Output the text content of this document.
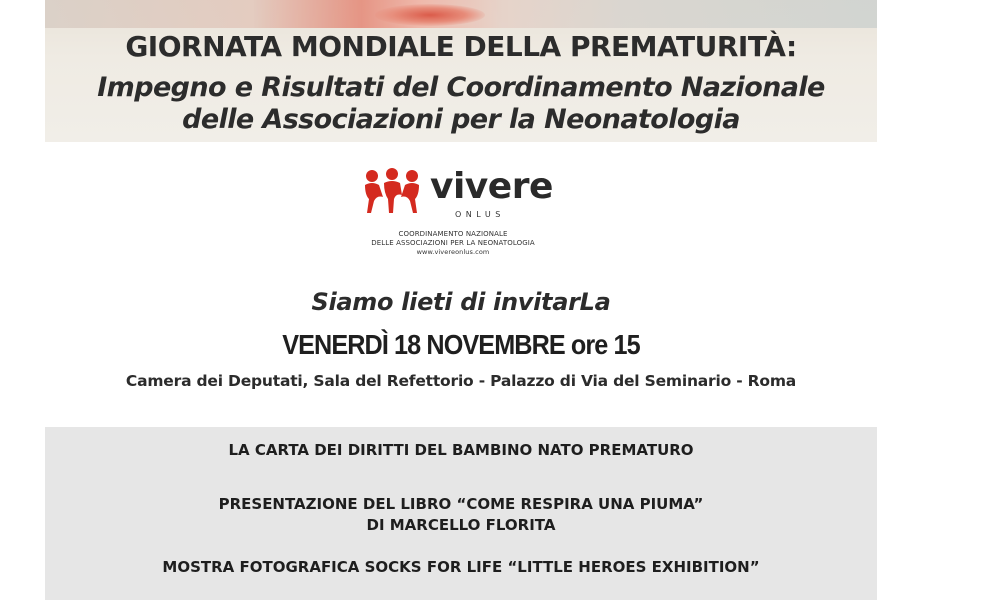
GIORNATA MONDIALE DELLA PREMATURITÀ:
Impegno e Risultati del Coordinamento Nazionale
delle Associazioni per la Neonatologia
vivere
ONLUS
COORDINAMENTO NAZIONALE
DELLE ASSOCIAZIONI PER LA NEONATOLOGIA
www.vivereonlus.com
Siamo lieti di invitarLa
VENERDÌ 18 NOVEMBRE ore 15
Camera dei Deputati, Sala del Refettorio - Palazzo di Via del Seminario - Roma
LA CARTA DEI DIRITTI DEL BAMBINO NATO PREMATURO
PRESENTAZIONE DEL LIBRO “COME RESPIRA UNA PIUMA”
DI MARCELLO FLORITA
MOSTRA FOTOGRAFICA SOCKS FOR LIFE “LITTLE HEROES EXHIBITION”
